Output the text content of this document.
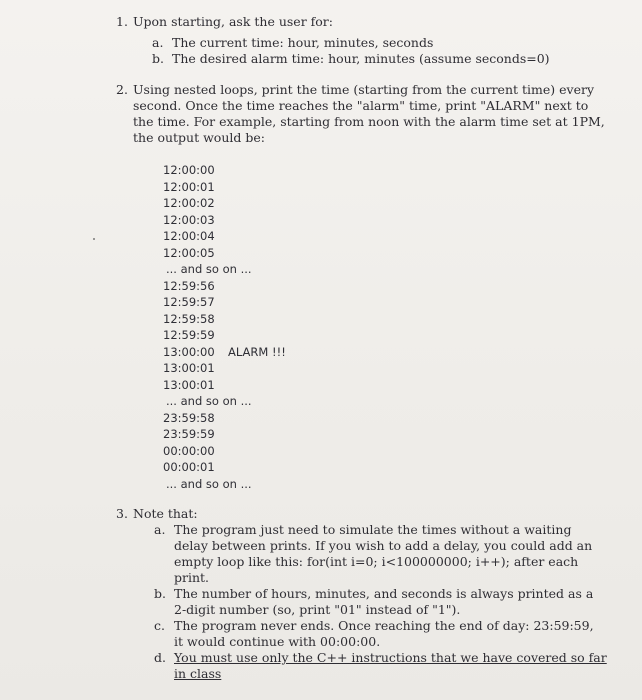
1. Upon starting, ask the user for:
a. The current time: hour, minutes, seconds
b. The desired alarm time: hour, minutes (assume seconds=0)
2. Using nested loops, print the time (starting from the current time) every
second. Once the time reaches the "alarm" time, print "ALARM" next to
the time. For example, starting from noon with the alarm time set at 1PM,
the output would be:
12:00:00
12:00:01
12:00:02
12:00:03
12:00:04
12:00:05
... and so on ...
12:59:56
12:59:57
12:59:58
12:59:59
13:00:00 ALARM !!!
13:00:01
13:00:01
... and so on ...
23:59:58
23:59:59
00:00:00
00:00:01
... and so on ...
3. Note that:
a. The program just need to simulate the times without a waiting
delay between prints. If you wish to add a delay, you could add an
empty loop like this: for(int i=0; i<100000000; i++); after each
print.
b. The number of hours, minutes, and seconds is always printed as a
2-digit number (so, print "01" instead of "1").
c. The program never ends. Once reaching the end of day: 23:59:59,
it would continue with 00:00:00.
d. You must use only the C++ instructions that we have covered so far
in class
